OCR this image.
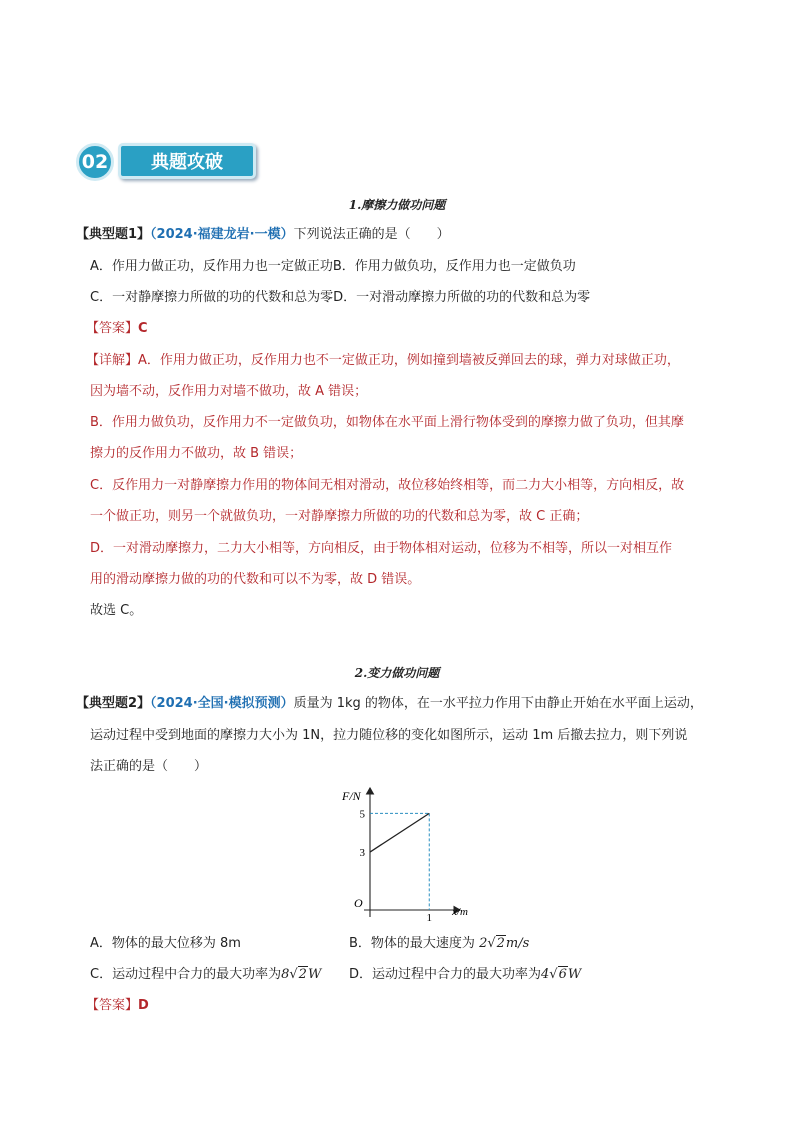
02	典题攻破
1.摩擦力做功问题
【典型题1】（2024·福建龙岩·一模）下列说法正确的是（　　）
A．作用力做正功，反作用力也一定做正功B．作用力做负功，反作用力也一定做负功
C．一对静摩擦力所做的功的代数和总为零D．一对滑动摩擦力所做的功的代数和总为零
【答案】C
【详解】A．作用力做正功，反作用力也不一定做正功，例如撞到墙被反弹回去的球，弹力对球做正功，
因为墙不动，反作用力对墙不做功，故 A 错误；
B．作用力做负功，反作用力不一定做负功，如物体在水平面上滑行物体受到的摩擦力做了负功，但其摩
擦力的反作用力不做功，故 B 错误；
C．反作用力一对静摩擦力作用的物体间无相对滑动，故位移始终相等，而二力大小相等，方向相反，故
一个做正功，则另一个就做负功，一对静摩擦力所做的功的代数和总为零，故 C 正确；
D．一对滑动摩擦力，二力大小相等，方向相反，由于物体相对运动，位移为不相等，所以一对相互作
用的滑动摩擦力做的功的代数和可以不为零，故 D 错误。
故选 C。
2.变力做功问题
【典型题2】（2024·全国·模拟预测）质量为 1kg 的物体，在一水平拉力作用下由静止开始在水平面上运动，
运动过程中受到地面的摩擦力大小为 1N，拉力随位移的变化如图所示，运动 1m 后撤去拉力，则下列说
法正确的是（　　）
F/N
x/m
O
3
5
1
A．物体的最大位移为 8m	B．物体的最大速度为 2√2m/s
C．运动过程中合力的最大功率为8√2W D．运动过程中合力的最大功率为4√6W
【答案】D
